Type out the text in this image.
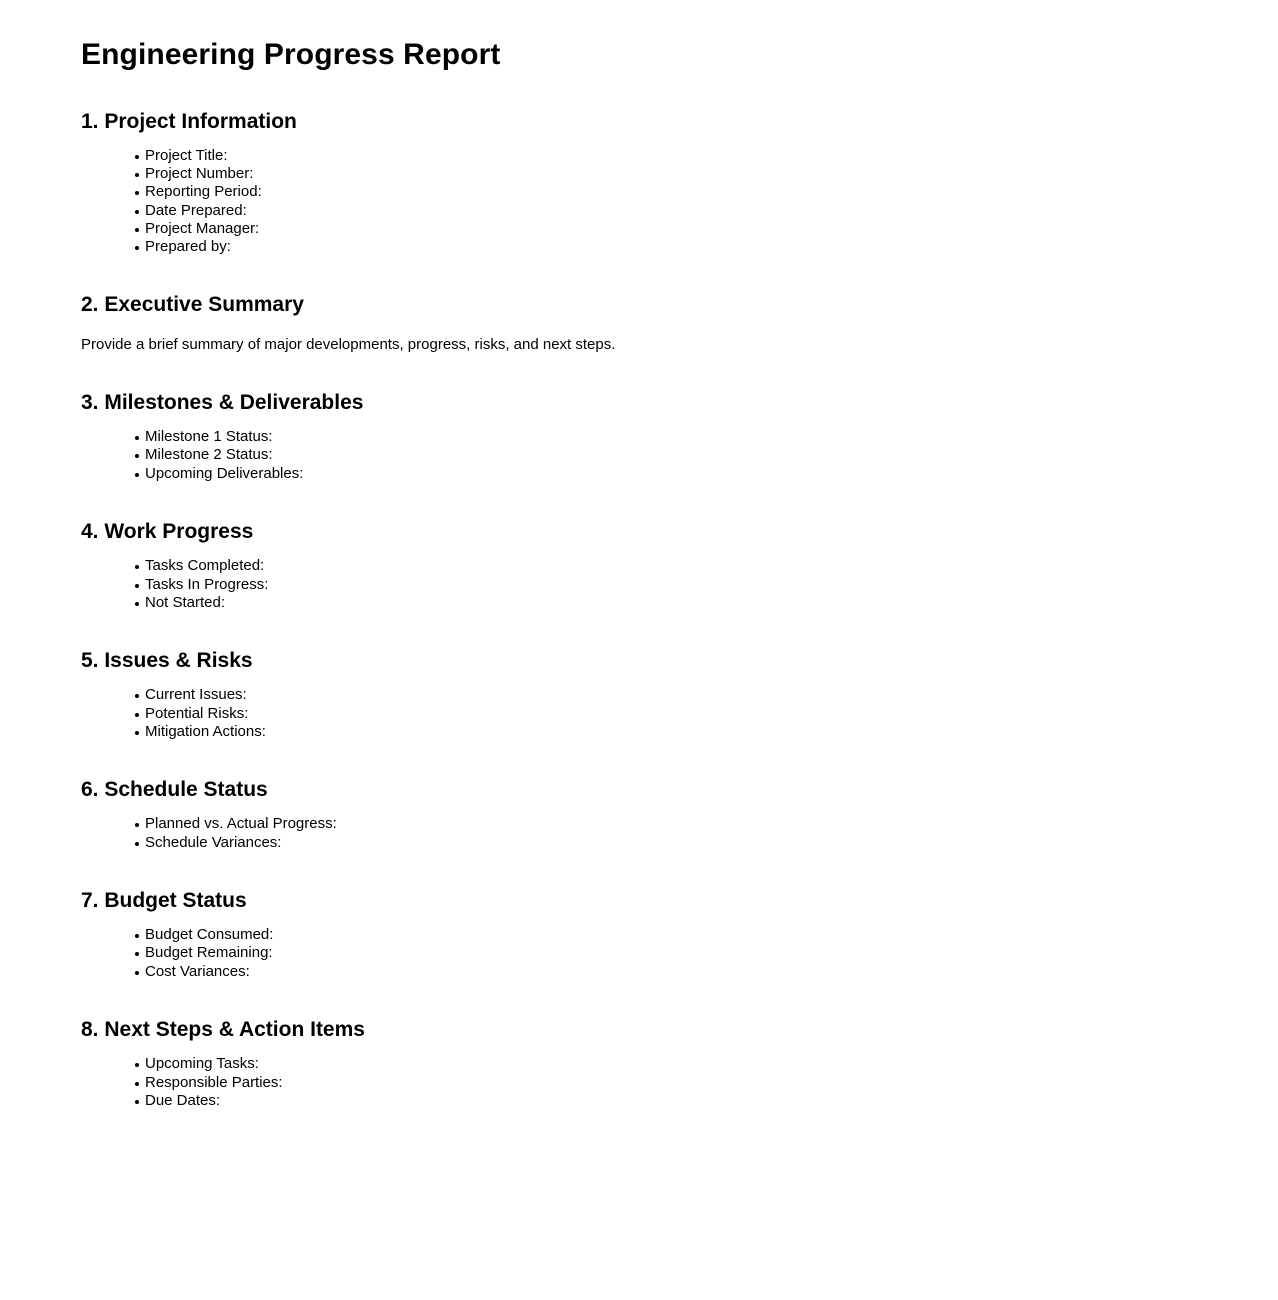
Engineering Progress Report
1. Project Information
Project Title:
Project Number:
Reporting Period:
Date Prepared:
Project Manager:
Prepared by:
2. Executive Summary

Provide a brief summary of major developments, progress, risks, and next steps.

3. Milestones & Deliverables
Milestone 1 Status:
Milestone 2 Status:
Upcoming Deliverables:
4. Work Progress
Tasks Completed:
Tasks In Progress:
Not Started:
5. Issues & Risks
Current Issues:
Potential Risks:
Mitigation Actions:
6. Schedule Status
Planned vs. Actual Progress:
Schedule Variances:
7. Budget Status
Budget Consumed:
Budget Remaining:
Cost Variances:
8. Next Steps & Action Items
Upcoming Tasks:
Responsible Parties:
Due Dates:
